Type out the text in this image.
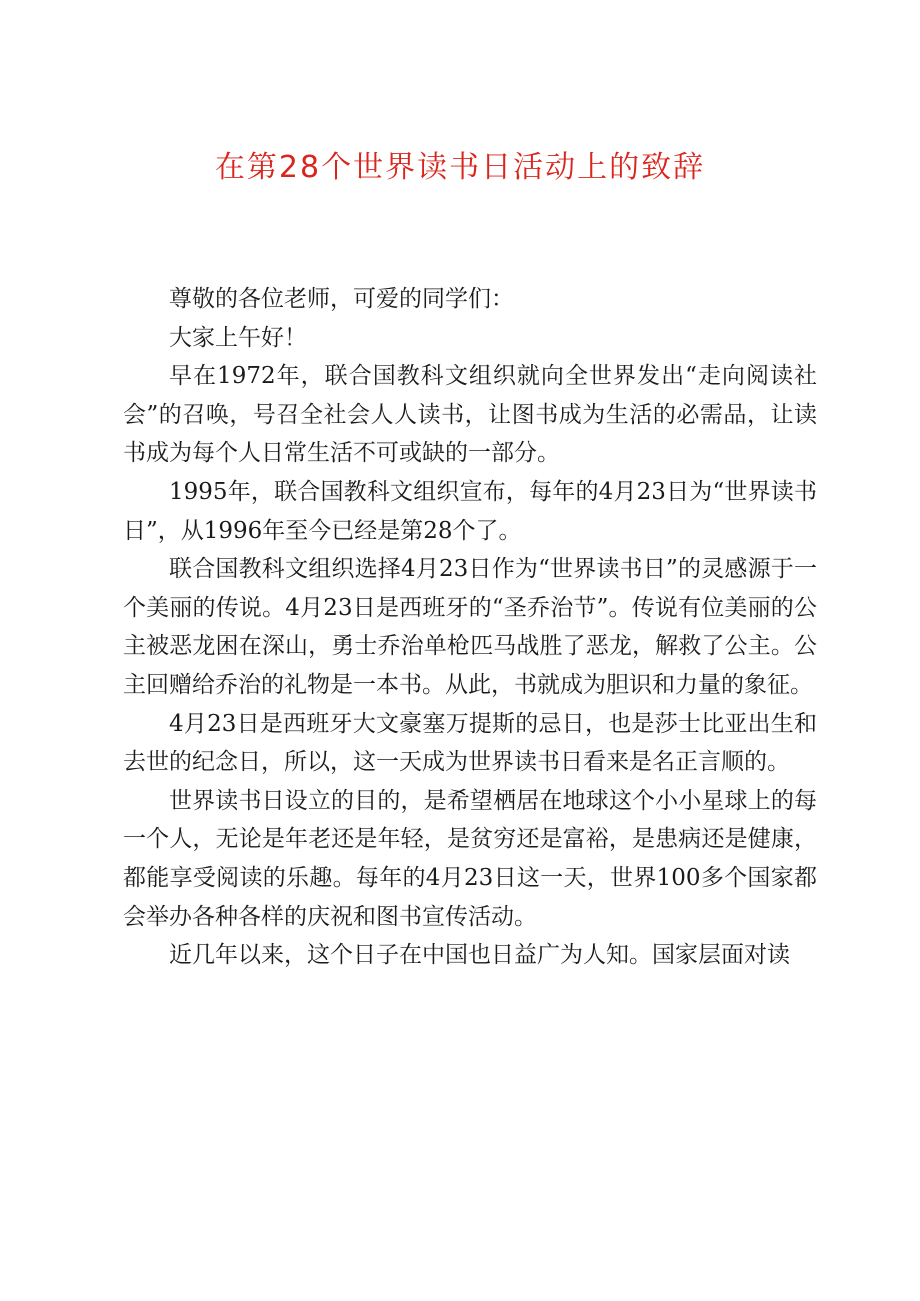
在第28个世界读书日活动上的致辞

尊敬的各位老师，可爱的同学们：

大家上午好！

早在1972年，联合国教科文组织就向全世界发出“走向阅读社会”的召唤，号召全社会人人读书，让图书成为生活的必需品，让读书成为每个人日常生活不可或缺的一部分。

1995年，联合国教科文组织宣布，每年的4月23日为“世界读书日”，从1996年至今已经是第28个了。

联合国教科文组织选择4月23日作为“世界读书日”的灵感源于一个美丽的传说。4月23日是西班牙的“圣乔治节”。传说有位美丽的公主被恶龙困在深山，勇士乔治单枪匹马战胜了恶龙，解救了公主。公主回赠给乔治的礼物是一本书。从此，书就成为胆识和力量的象征。

4月23日是西班牙大文豪塞万提斯的忌日，也是莎士比亚出生和去世的纪念日，所以，这一天成为世界读书日看来是名正言顺的。

世界读书日设立的目的，是希望栖居在地球这个小小星球上的每一个人，无论是年老还是年轻，是贫穷还是富裕，是患病还是健康，都能享受阅读的乐趣。每年的4月23日这一天，世界100多个国家都会举办各种各样的庆祝和图书宣传活动。

近几年以来，这个日子在中国也日益广为人知。国家层面对读
